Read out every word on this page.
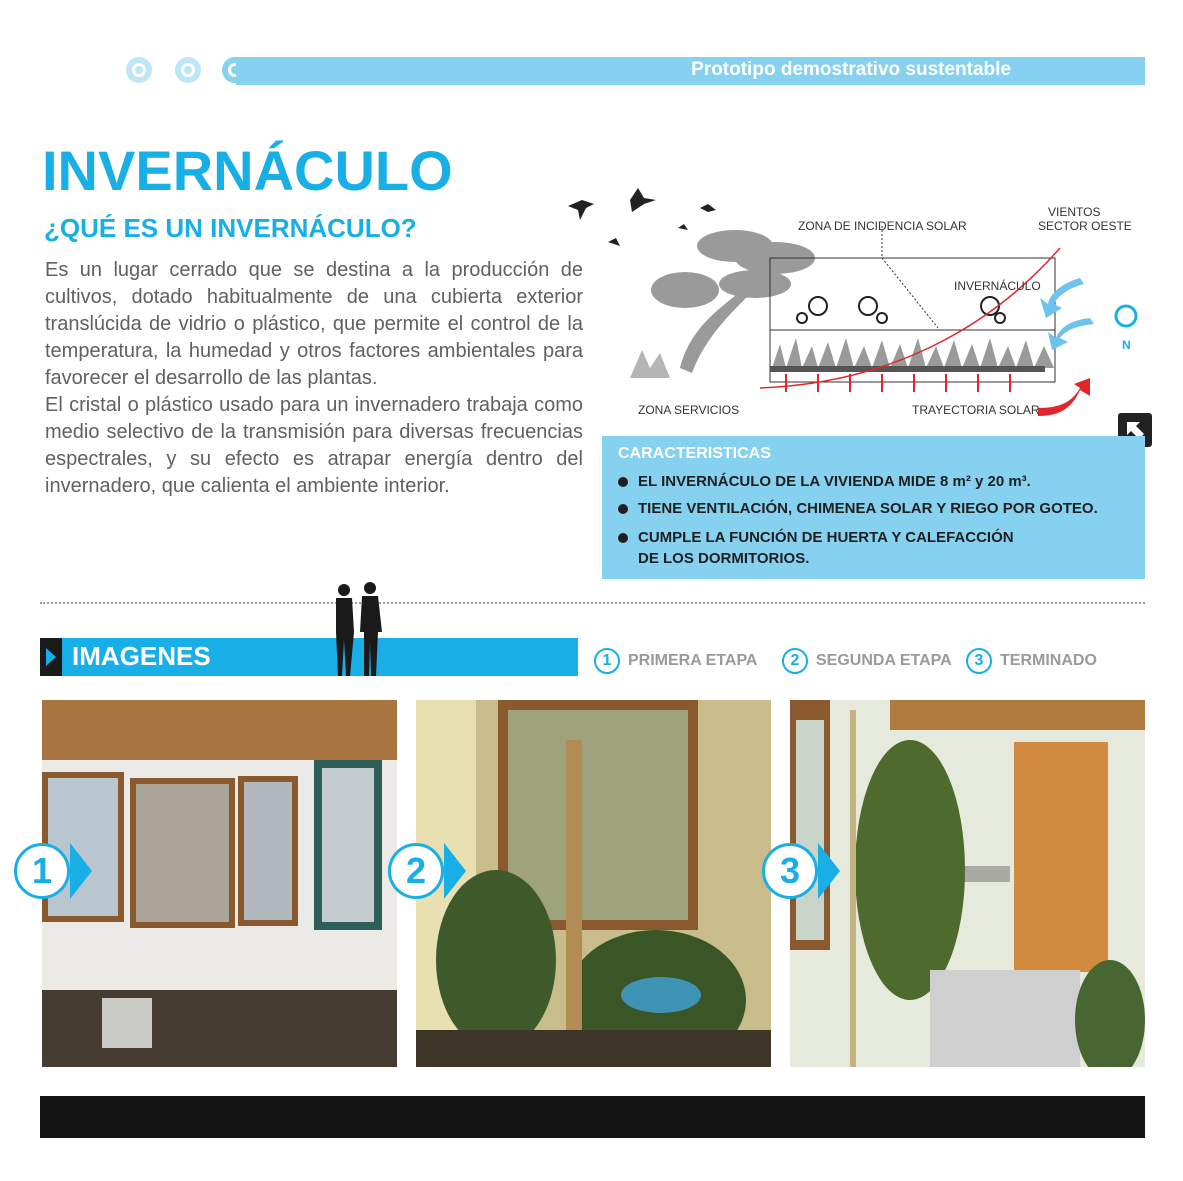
Prototipo demostrativo sustentable
INVERNÁCULO
¿QUÉ ES UN INVERNÁCULO?

Es un lugar cerrado que se destina a la producción de cultivos, dotado habitualmente de una cubierta exterior translúcida de vidrio o plástico, que permite el control de la temperatura, la humedad y otros factores ambientales para favorecer el desarrollo de las plantas.

El cristal o plástico usado para un invernadero trabaja como medio selectivo de la transmisión para diversas frecuencias espectrales, y su efecto es atrapar energía dentro del invernadero, que calienta el ambiente interior.

ZONA DE INCIDENCIA SOLAR
VIENTOS
SECTOR OESTE
INVERNÁCULO
ZONA SERVICIOS	TRAYECTORIA SOLAR
N
CARACTERISTICAS
EL INVERNÁCULO DE LA VIVIENDA MIDE 8 m² y 20 m³.
TIENE VENTILACIÓN, CHIMENEA SOLAR Y RIEGO POR GOTEO.
CUMPLE LA FUNCIÓN DE HUERTA Y CALEFACCIÓN
DE LOS DORMITORIOS.
IMAGENES	1 PRIMERA ETAPA	2 SEGUNDA ETAPA	3 TERMINADO
1	2	3
